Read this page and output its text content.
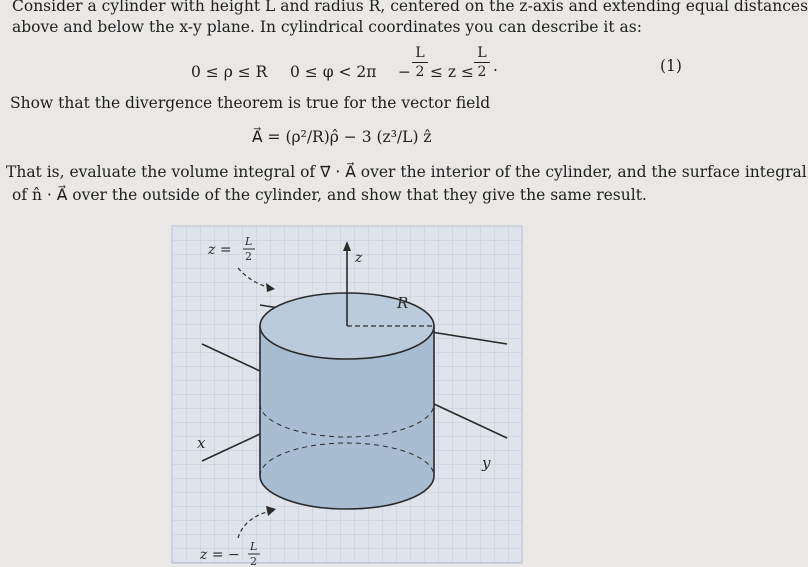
Consider a cylinder with height L and radius R, centered on the z-axis and extending equal distances
above and below the x-y plane. In cylindrical coordinates you can describe it as:
0 ≤ ρ ≤ R 0 ≤ φ < 2π −
L
2 ≤ z ≤
L
2 .	(1)
Show that the divergence theorem is true for the vector field
A⃗ = (ρ²/R)ρ̂ − 3 (z³/L) ẑ
That is, evaluate the volume integral of ∇⃗ · A⃗ over the interior of the cylinder, and the surface integral
of n̂ · A⃗ over the outside of the cylinder, and show that they give the same result.
z =
L
2
z = −
L
2
z
R
x
y
